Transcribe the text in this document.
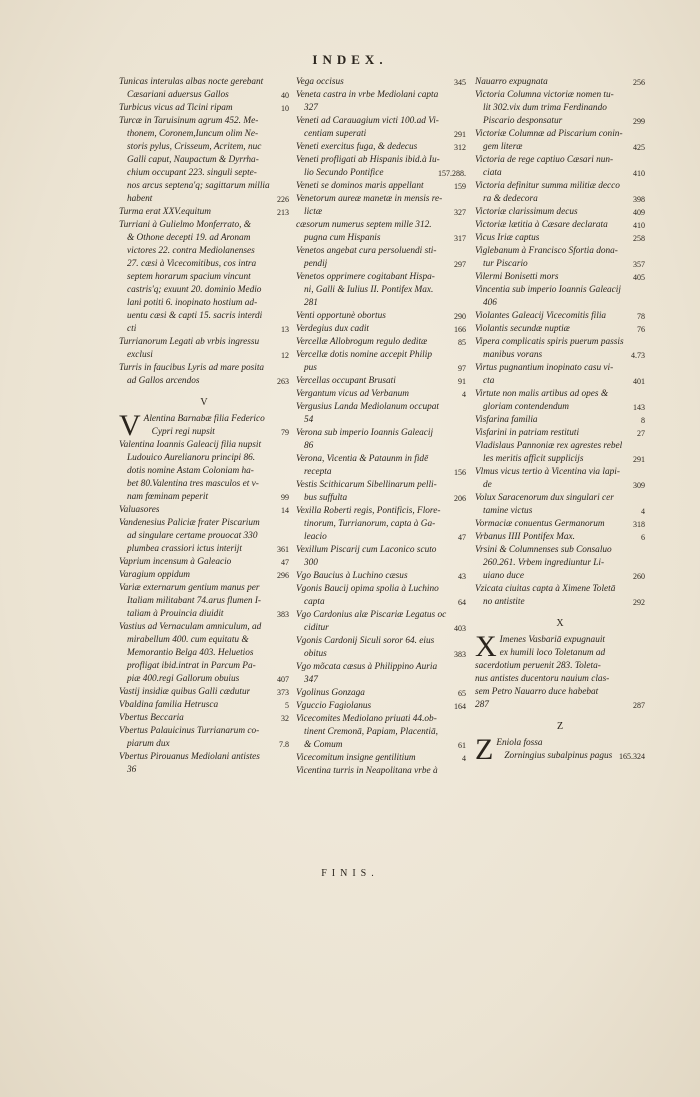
INDEX.
Tunicas interulas albas nocte gerebant
Cæsariani aduersus Gallos	40
Turbicus vicus ad Ticini ripam	10
Turcæ in Taruisinum agrum 452. Me-
thonem, Coronem,Iuncum olim Ne-
storis pylus, Crisseum, Acritem, nuc
Galli caput, Naupactum & Dyrrha-
chium occupant 223. singuli septe-
nos arcus septena'q; sagittarum millia
habent	226
Turma erat XXV.equitum	213
Turriani à Gulielmo Monferrato, &
& Othone decepti 19. ad Aronam
victores 22. contra Mediolanenses
27. cæsi à Vicecomitibus, cos intra
septem horarum spacium vincunt
castris'q; exuunt 20. dominio Medio
lani potiti 6. inopinato hostium ad-
uentu cæsi & capti 15. sacris interdi
cti	13
Turrianorum Legati ab vrbis ingressu
exclusi	12
Turris in faucibus Lyris ad mare posita
ad Gallos arcendos	263
V
V Alentina Barnabæ filia Federico
Cypri regi nupsit	79
Valentina Ioannis Galeacij filia nupsit
Ludouico Aurelianoru principi 86.
dotis nomine Astam Coloniam ha-
bet 80.Valentina tres masculos et v-
nam fœminam peperit	99
Valuasores	14
Vandenesius Paliciæ frater Piscarium
ad singulare certame prouocat 330
plumbea crassiori ictus interijt	361
Vaprium incensum à Galeacio	47
Varagium oppidum	296
Variæ externarum gentium manus per
Italiam militabant 74.arus flumen I-
taliam à Prouincia diuidit	383
Vastius ad Vernaculam amniculum, ad
mirabellum 400. cum equitatu &
Memorantio Belga 403. Heluetios
profligat ibid.intrat in Parcum Pa-
piæ 400.regi Gallorum obuius	407
Vastij insidiæ quibus Galli cædutur	373
Vbaldina familia Hetrusca	5
Vbertus Beccaria	32
Vbertus Palauicinus Turrianarum co-
piarum dux	7.8
Vbertus Pirouanus Mediolani antistes
36
Vega occisus	345
Veneta castra in vrbe Mediolani capta
327
Veneti ad Carauagium victi 100.ad Vi-
centiam superati	291
Veneti exercitus fuga, & dedecus	312
Veneti profligati ab Hispanis ibid.à Iu-
lio Secundo Pontifice	157.288.
Veneti se dominos maris appellant	159
Venetorum aureæ manetæ in mensis re-
lictæ	327
cæsorum numerus septem mille 312.
pugna cum Hispanis	317
Venetos angebat cura persoluendi sti-
pendij	297
Venetos opprimere cogitabant Hispa-
ni, Galli & Iulius II. Pontifex Max.
281
Venti opportunè obortus	290
Verdegius dux cadit	166
Vercellæ Allobrogum regulo deditæ	85
Vercellæ dotis nomine accepit Philip
pus	97
Vercellas occupant Brusati	91
Vergantum vicus ad Verbanum	4
Vergusius Landa Mediolanum occupat
54
Verona sub imperio Ioannis Galeacij
86
Verona, Vicentia & Pataunm in fidē
recepta	156
Vestis Scithicarum Sibellinarum pelli-
bus suffulta	206
Vexilla Roberti regis, Pontificis, Flore-
tinorum, Turrianorum, capta à Ga-
leacio	47
Vexillum Piscarij cum Laconico scuto
300
Vgo Baucius à Luchino cæsus	43
Vgonis Baucij opima spolia à Luchino
capta	64
Vgo Cardonius alæ Piscariæ Legatus oc
ciditur	403
Vgonis Cardonij Siculi soror 64. eius
obitus	383
Vgo mõcata cæsus à Philippino Auria
347
Vgolinus Gonzaga	65
Vguccio Fagiolanus	164
Vicecomites Mediolano priuati 44.ob-
tinent Cremonā, Papiam, Placentiā,
& Comum	61
Vicecomitum insigne gentilitium	4
Vicentina turris in Neapolitana vrbe à
Nauarro expugnata	256
Victoria Columna victoriæ nomen tu-
lit 302.vix dum trima Ferdinando
Piscario desponsatur	299
Victoriæ Columnæ ad Piscarium conin-
gem literæ	425
Victoria de rege captiuo Cæsari nun-
ciata	410
Victoria definitur summa militiæ decco
ra & dedecora	398
Victoriæ clarissimum decus	409
Victoriæ lætitia à Cæsare declarata	410
Vicus Iriæ captus	258
Viglebanum à Francisco Sfortia dona-
tur Piscario	357
Vilermi Bonisetti mors	405
Vincentia sub imperio Ioannis Galeacij
406
Violantes Galeacij Vicecomitis filia	78
Violantis secundæ nuptiæ	76
Vipera complicatis spiris puerum passis
manibus vorans	4.73
Virtus pugnantium inopinato casu vi-
cta	401
Virtute non malis artibus ad opes &
gloriam contendendum	143
Visfarina familia	8
Visfarini in patriam restituti	27
Vladislaus Pannoniæ rex agrestes rebel
les meritis afficit supplicijs	291
Vlmus vicus tertio à Vicentina via lapi-
de	309
Volux Saracenorum dux singulari cer
tamine victus	4
Vormaciæ conuentus Germanorum	318
Vrbanus IIII Pontifex Max.	6
Vrsini & Columnenses sub Consaluo
260.261. Vrbem ingrediuntur Li-
uiano duce	260
Vzicata ciuitas capta à Ximene Toletā
no antistite	292
X
X Imenes Vasbariā expugnauit
ex humili loco Toletanum ad
sacerdotium peruenit 283. Toleta-
nus antistes ducentoru nauium clas-
sem Petro Nauarro duce habebat
287	287
Z
Z Eniola fossa
Zorningius subalpinus pagus 165.324
FINIS.
